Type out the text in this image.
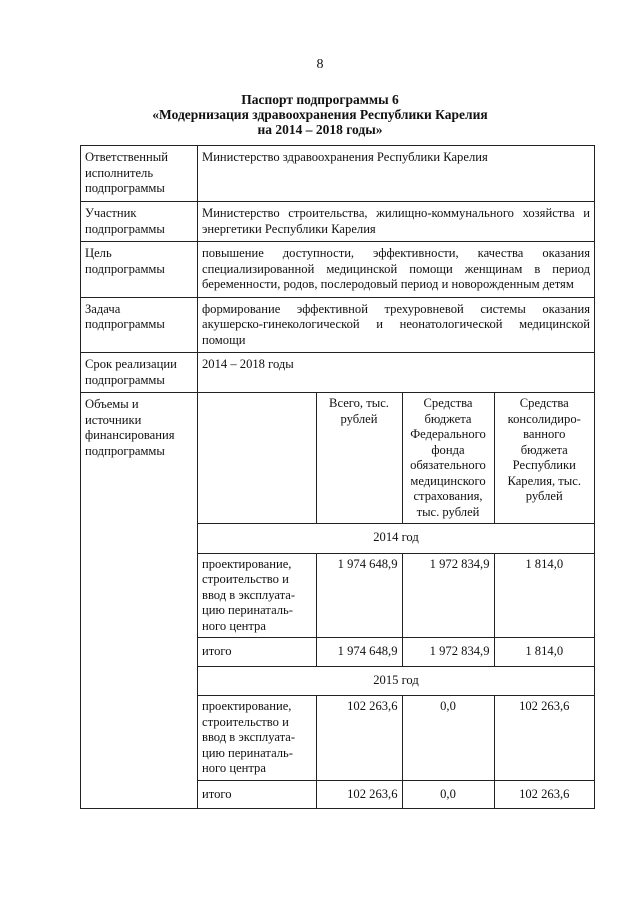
8
Паспорт подпрограммы 6
«Модернизация здравоохранения Республики Карелия
на 2014 – 2018 годы»
Ответственный исполнитель подпрограммы	Министерство здравоохранения Республики Карелия
Участник подпрограммы	Министерство строительства, жилищно-коммунального хозяйства и энергетики Республики Карелия
Цель подпрограммы	повышение доступности, эффективности, качества оказания специализированной медицинской помощи женщинам в период беременности, родов, послеродовый период и новорожденным детям
Задача подпрограммы	формирование эффективной трехуровневой системы оказания акушерско-гинекологической и неонатологической медицинской помощи
Срок реализации подпрограммы	2014 – 2018 годы
Объемы и источники финансирования подпрограммы	
	Всего, тыс. рублей	Средства бюджета Федерального фонда обязательного медицинского страхования, тыс. рублей	Средства консолидиро-ванного бюджета Республики Карелия, тыс. рублей
2014 год
проектирование, строительство и ввод в эксплуата-цию перинаталь-ного центра	1 974 648,9	1 972 834,9	1 814,0
итого	1 974 648,9	1 972 834,9	1 814,0
2015 год
проектирование, строительство и ввод в эксплуата-цию перинаталь-ного центра	102 263,6	0,0	102 263,6
итого	102 263,6	0,0	102 263,6
